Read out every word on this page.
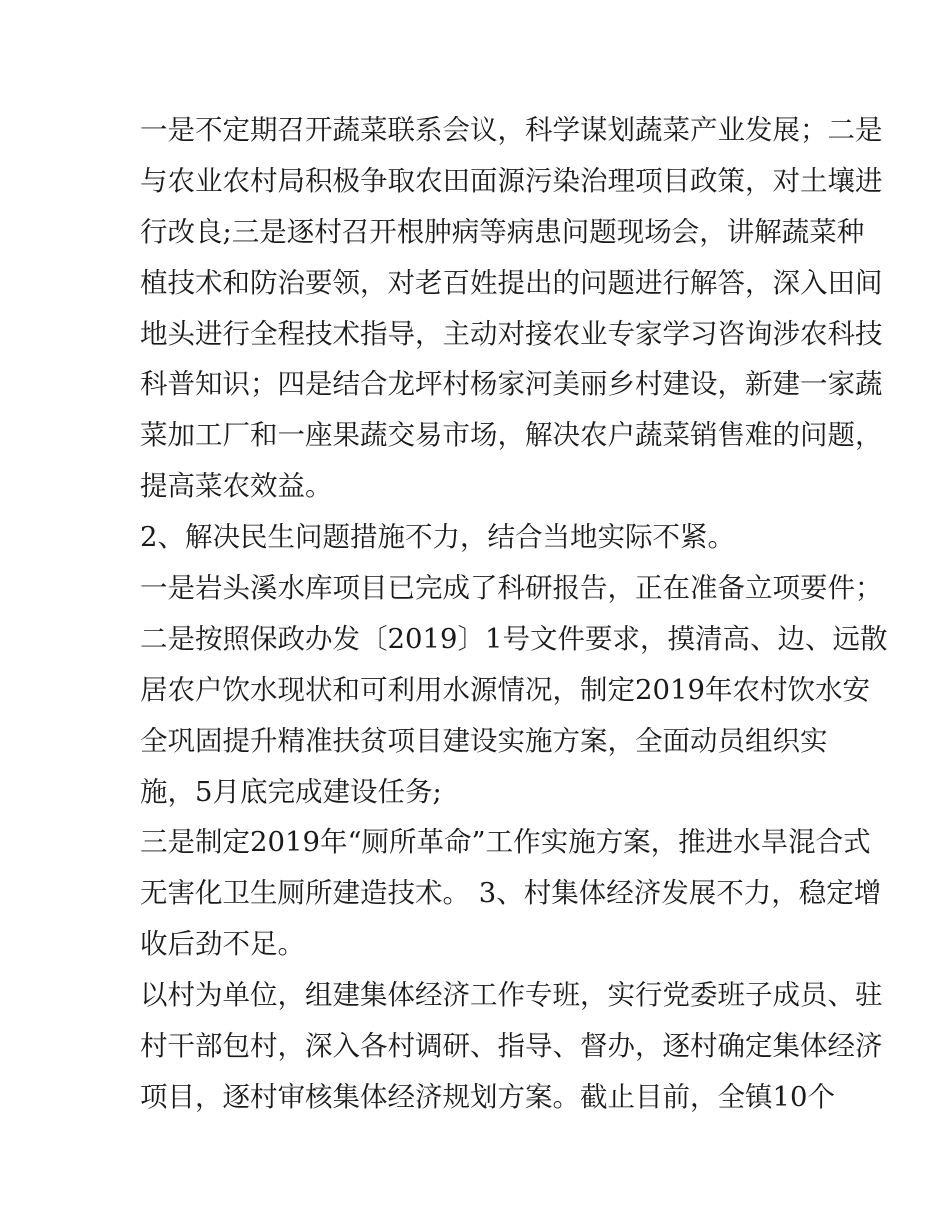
一是不定期召开蔬菜联系会议，科学谋划蔬菜产业发展；二是
与农业农村局积极争取农田面源污染治理项目政策，对土壤进
行改良;三是逐村召开根肿病等病患问题现场会，讲解蔬菜种
植技术和防治要领，对老百姓提出的问题进行解答，深入田间
地头进行全程技术指导，主动对接农业专家学习咨询涉农科技
科普知识；四是结合龙坪村杨家河美丽乡村建设，新建一家蔬
菜加工厂和一座果蔬交易市场，解决农户蔬菜销售难的问题，
提高菜农效益。
2、解决民生问题措施不力，结合当地实际不紧。
一是岩头溪水库项目已完成了科研报告，正在准备立项要件；
二是按照保政办发〔2019〕1号文件要求，摸清高、边、远散
居农户饮水现状和可利用水源情况，制定2019年农村饮水安
全巩固提升精准扶贫项目建设实施方案，全面动员组织实
施，5月底完成建设任务;
三是制定2019年“厕所革命”工作实施方案，推进水旱混合式
无害化卫生厕所建造技术。 3、村集体经济发展不力，稳定增
收后劲不足。
以村为单位，组建集体经济工作专班，实行党委班子成员、驻
村干部包村，深入各村调研、指导、督办，逐村确定集体经济
项目，逐村审核集体经济规划方案。截止目前，全镇10个
